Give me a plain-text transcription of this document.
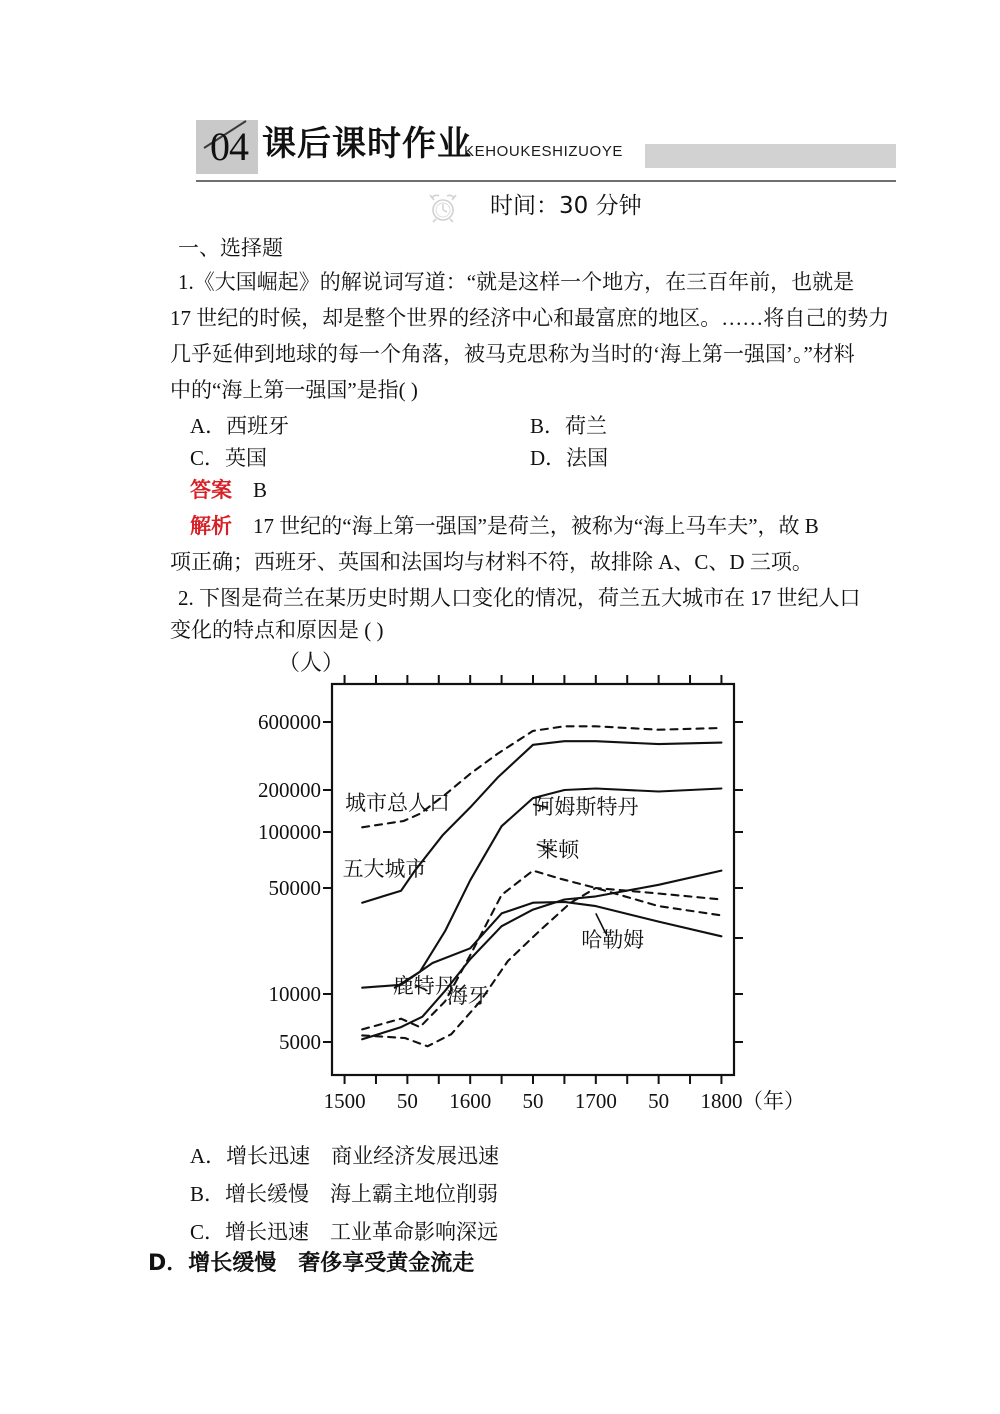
04 课后课时作业
KEHOUKESHIZUOYE
时间：30 分钟
一、选择题
1.《大国崛起》的解说词写道：“就是这样一个地方，在三百年前，也就是
17 世纪的时候，却是整个世界的经济中心和最富庶的地区。……将自己的势力
几乎延伸到地球的每一个角落，被马克思称为当时的‘海上第一强国’。”材料
中的“海上第一强国”是指( )
A．西班牙	B．荷兰
C．英国	D．法国
答案 B
解析 17 世纪的“海上第一强国”是荷兰，被称为“海上马车夫”，故 B
项正确；西班牙、英国和法国均与材料不符，故排除 A、C、D 三项。
2. 下图是荷兰在某历史时期人口变化的情况，荷兰五大城市在 17 世纪人口
变化的特点和原因是 ( )
（人）
600000
200000
100000
50000
10000
5000
1500	50	1600	50	1700	50	1800 （年）
城市总人口
五大城市
阿姆斯特丹
莱顿
哈勒姆
鹿特丹
海牙
A．增长迅速　商业经济发展迅速
B．增长缓慢　海上霸主地位削弱
C．增长迅速　工业革命影响深远
D．增长缓慢　奢侈享受黄金流走
